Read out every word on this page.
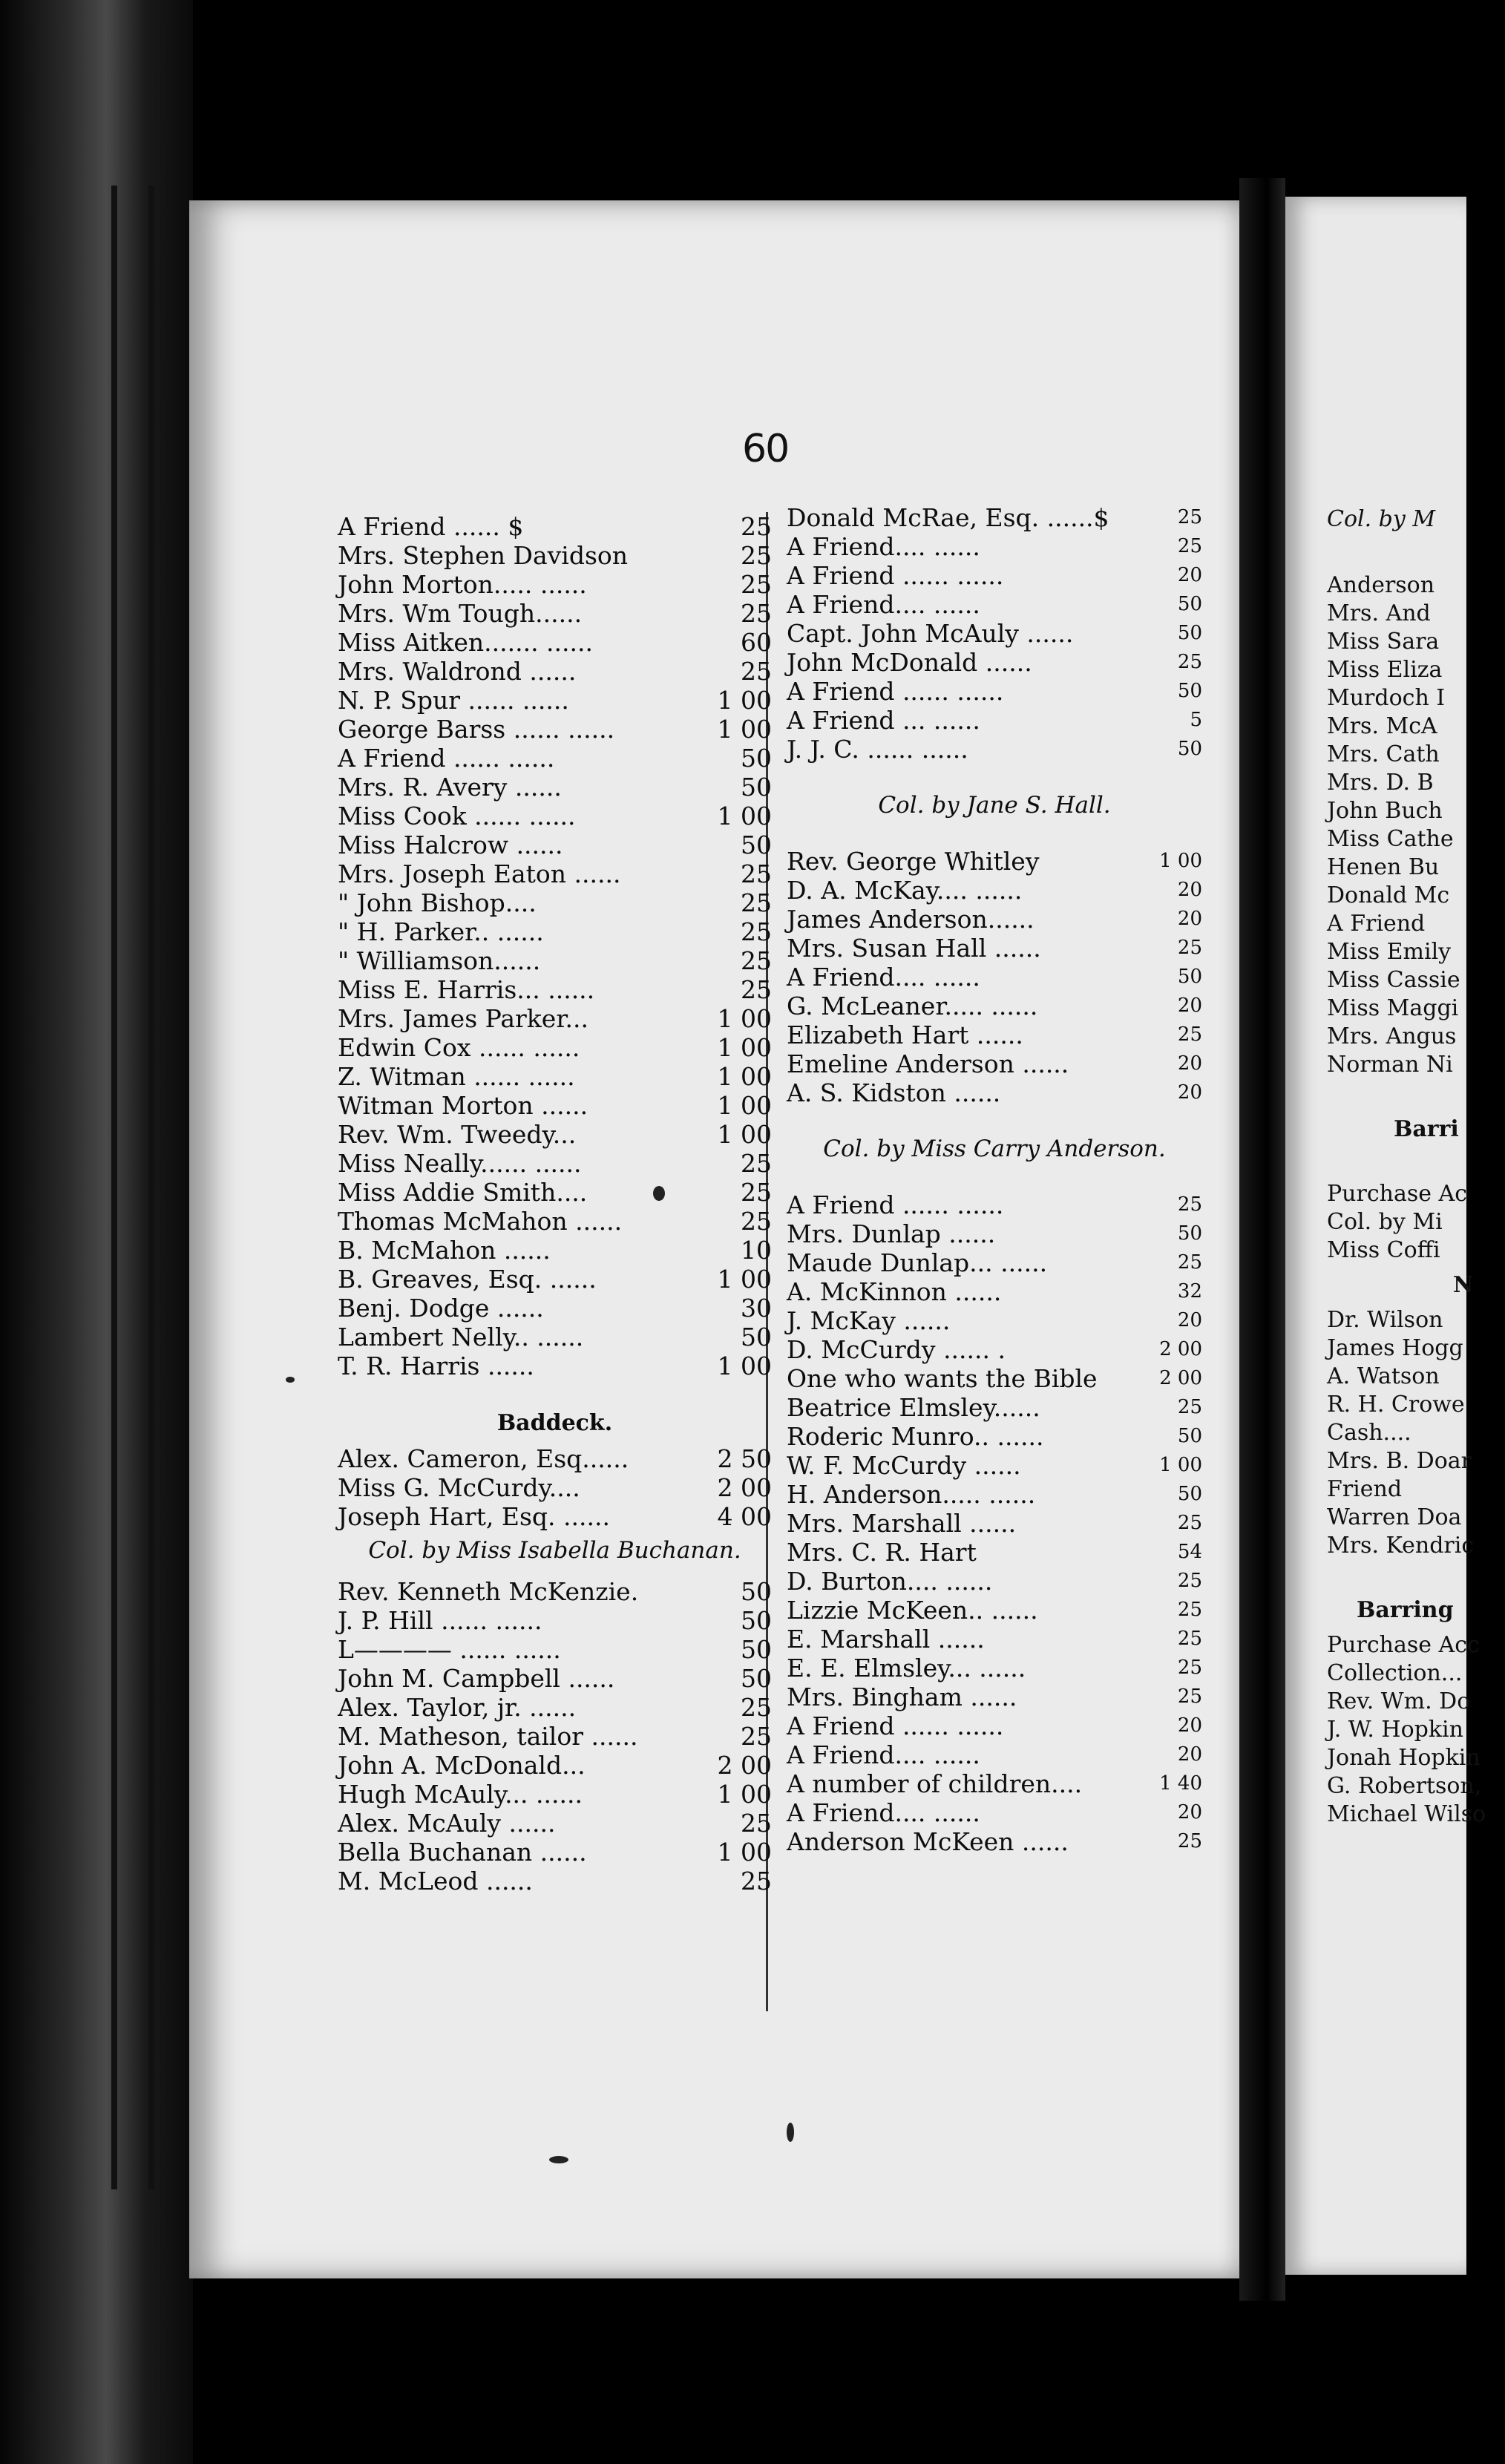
60
A Friend ...... $	25
Mrs. Stephen Davidson	25
John Morton..... ......	25
Mrs. Wm Tough......	25
Miss Aitken....... ......	60
Mrs. Waldrond ......	25
N. P. Spur ...... ......	1 00
George Barss ...... ......	1 00
A Friend ...... ......	50
Mrs. R. Avery ......	50
Miss Cook ...... ......	1 00
Miss Halcrow ......	50
Mrs. Joseph Eaton ......	25
" John Bishop....	25
" H. Parker.. ......	25
" Williamson......	25
Miss E. Harris... ......	25
Mrs. James Parker...	1 00
Edwin Cox ...... ......	1 00
Z. Witman ...... ......	1 00
Witman Morton ......	1 00
Rev. Wm. Tweedy...	1 00
Miss Neally...... ......	25
Miss Addie Smith....	25
Thomas McMahon ......	25
B. McMahon ......	10
B. Greaves, Esq. ......	1 00
Benj. Dodge ......	30
Lambert Nelly.. ......	50
T. R. Harris ......	1 00
Baddeck.
Alex. Cameron, Esq......	2 50
Miss G. McCurdy....	2 00
Joseph Hart, Esq. ......	4 00
Col. by Miss Isabella Buchanan.
Rev. Kenneth McKenzie.	50
J. P. Hill ...... ......	50
L———— ...... ......	50
John M. Campbell ......	50
Alex. Taylor, jr. ......	25
M. Matheson, tailor ......	25
John A. McDonald...	2 00
Hugh McAuly... ......	1 00
Alex. McAuly ......	25
Bella Buchanan ......	1 00
M. McLeod ......	25
Donald McRae, Esq. ......$	25
A Friend.... ......	25
A Friend ...... ......	20
A Friend.... ......	50
Capt. John McAuly ......	50
John McDonald ......	25
A Friend ...... ......	50
A Friend ... ......	5
J. J. C. ...... ......	50
Col. by Jane S. Hall.
Rev. George Whitley	1 00
D. A. McKay.... ......	20
James Anderson......	20
Mrs. Susan Hall ......	25
A Friend.... ......	50
G. McLeaner..... ......	20
Elizabeth Hart ......	25
Emeline Anderson ......	20
A. S. Kidston ......	20
Col. by Miss Carry Anderson.
A Friend ...... ......	25
Mrs. Dunlap ......	50
Maude Dunlap... ......	25
A. McKinnon ......	32
J. McKay ......	20
D. McCurdy ...... .	2 00
One who wants the Bible	2 00
Beatrice Elmsley......	25
Roderic Munro.. ......	50
W. F. McCurdy ......	1 00
H. Anderson..... ......	50
Mrs. Marshall ......	25
Mrs. C. R. Hart	54
D. Burton.... ......	25
Lizzie McKeen.. ......	25
E. Marshall ......	25
E. E. Elmsley... ......	25
Mrs. Bingham ......	25
A Friend ...... ......	20
A Friend.... ......	20
A number of children....	1 40
A Friend.... ......	20
Anderson McKeen ......	25
Col. by M
Anderson
Mrs. And
Miss Sara
Miss Eliza
Murdoch I
Mrs. McA
Mrs. Cath
Mrs. D. B
John Buch
Miss Cathe
Henen Bu
Donald Mc
A Friend
Miss Emily
Miss Cassie
Miss Maggi
Mrs. Angus
Norman Ni
Barri
Purchase Ac
Col. by Mi
Miss Coffi
N
Dr. Wilson
James Hogg
A. Watson
R. H. Crowe
Cash....
Mrs. B. Doar
Friend
Warren Doa
Mrs. Kendric
Barring
Purchase Acc
Collection...
Rev. Wm. Do
J. W. Hopkin
Jonah Hopkin
G. Robertson,
Michael Wilso
